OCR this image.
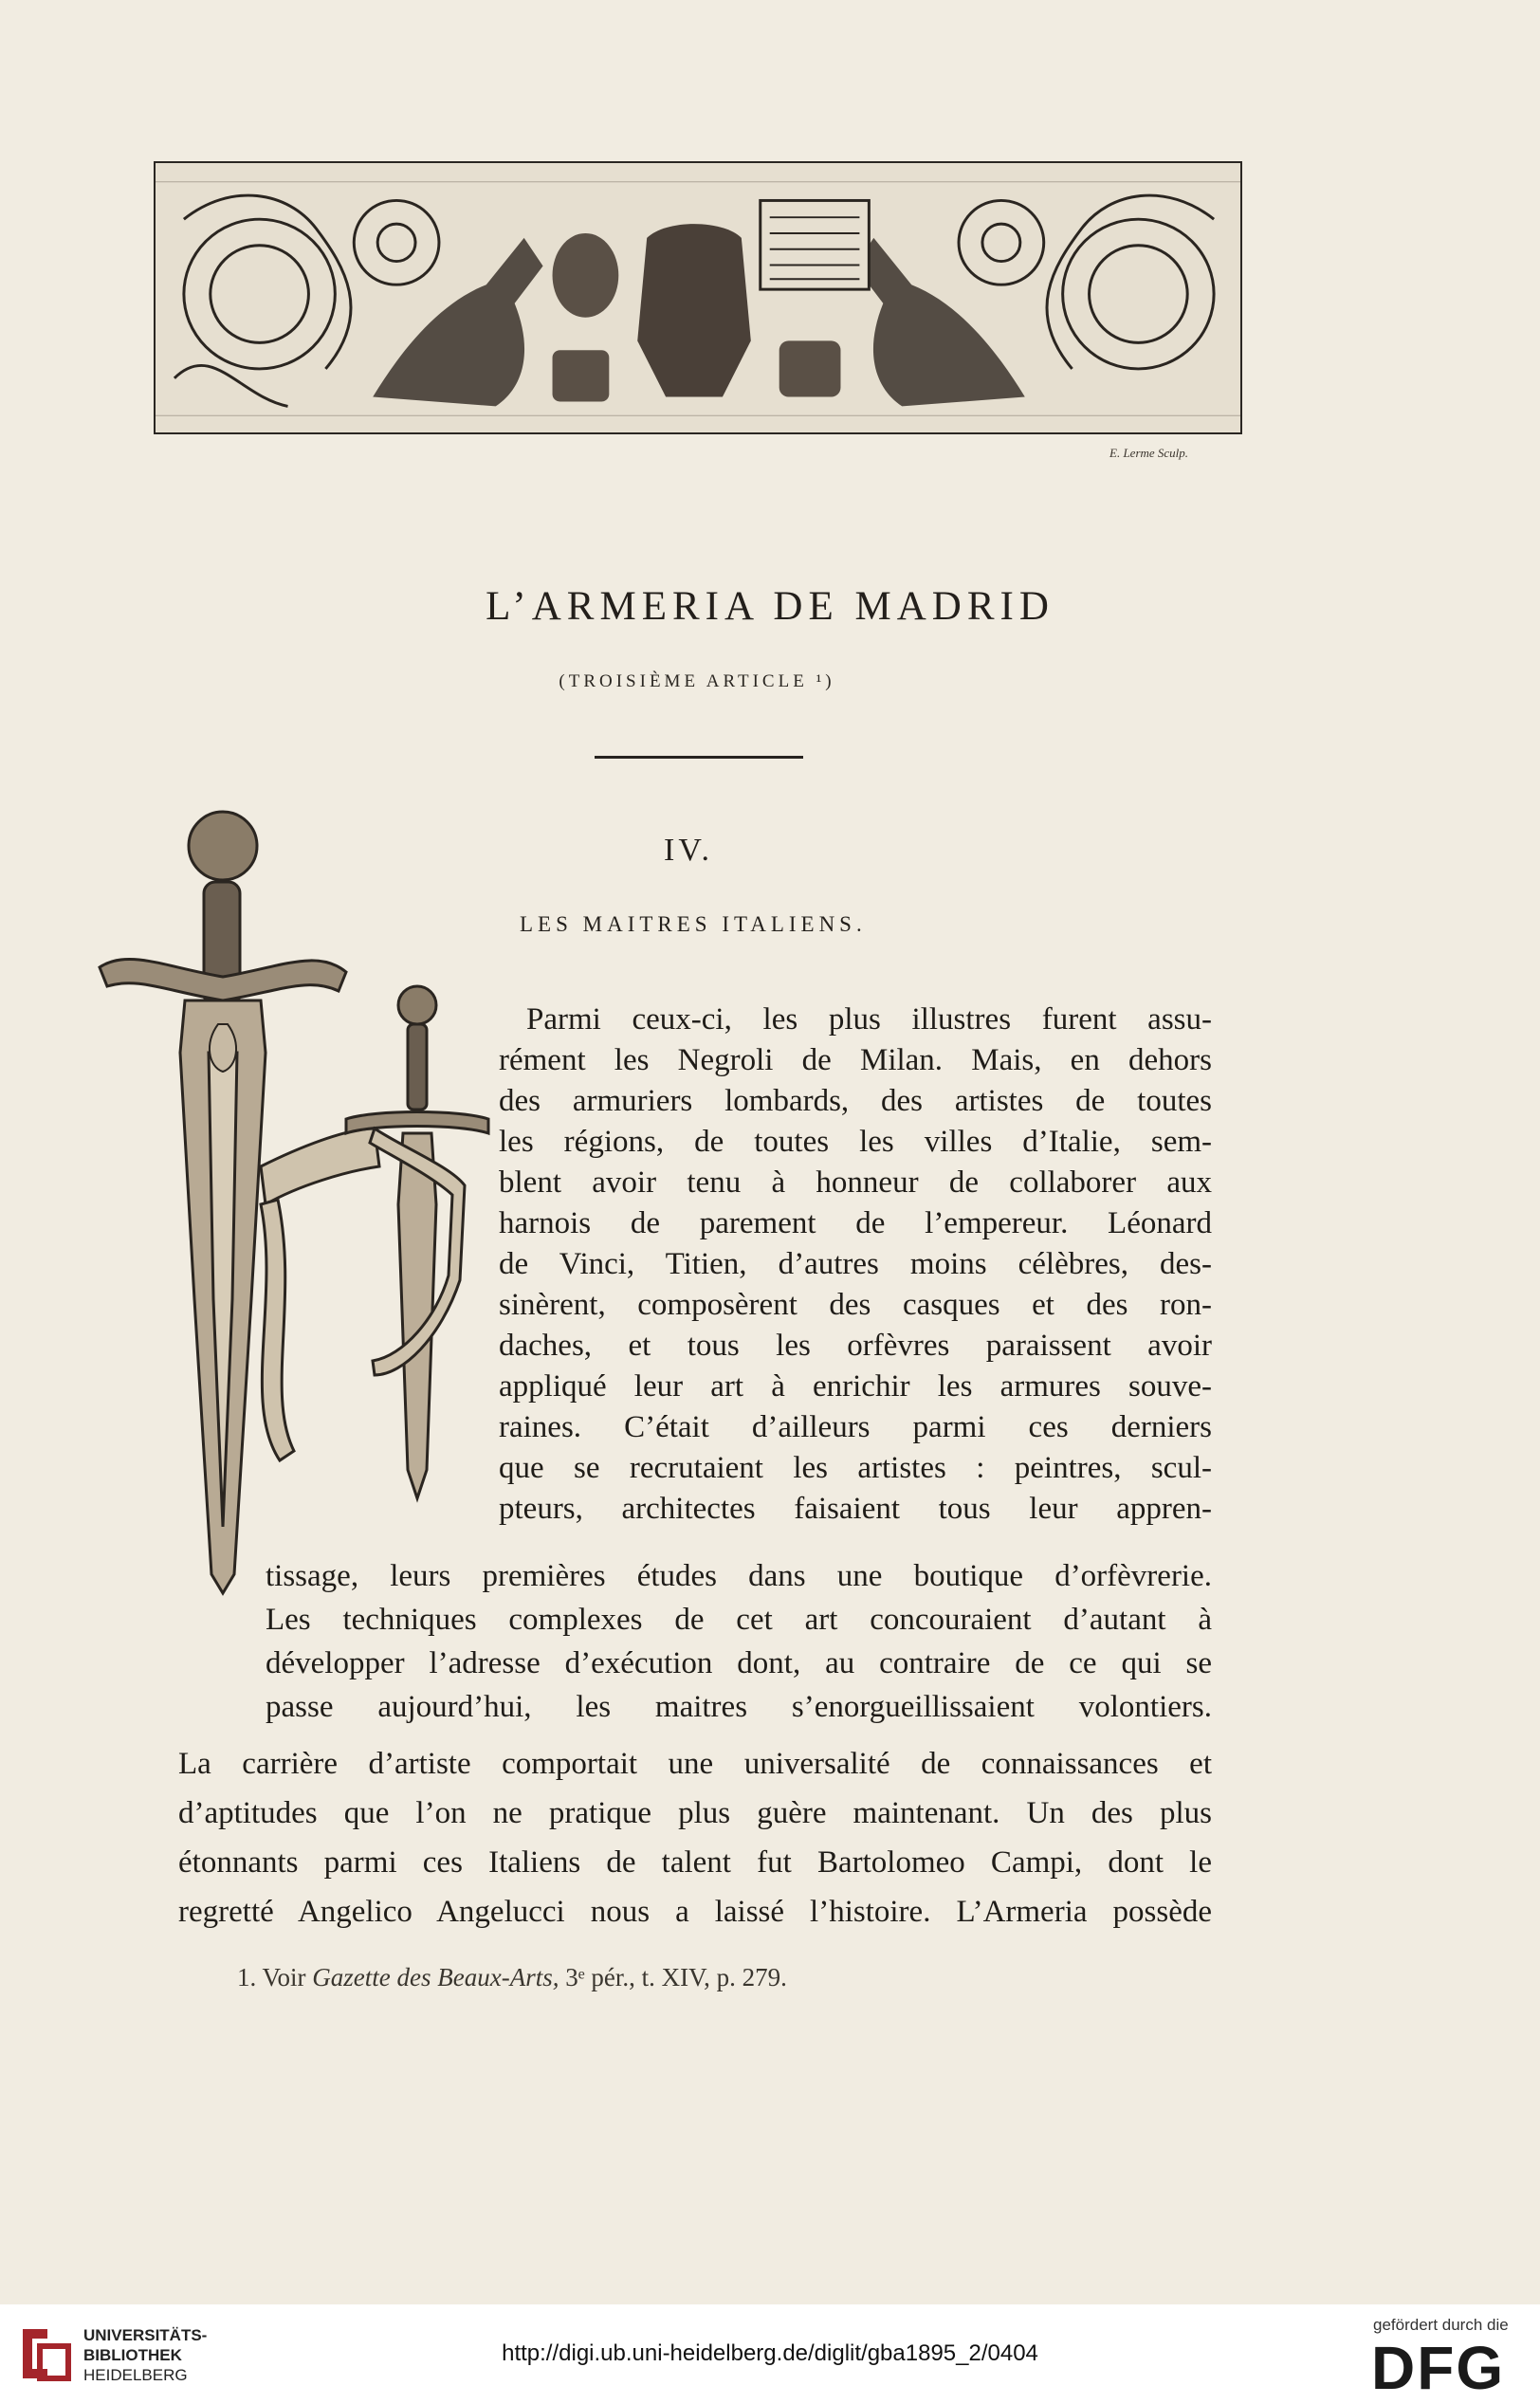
E. Lerme Sculp.
L’ARMERIA DE MADRID
(TROISIÈME ARTICLE ¹)
IV.
LES MAITRES ITALIENS.
Parmi ceux-ci, les plus illustres furent assu-
rément les Negroli de Milan. Mais, en dehors
des armuriers lombards, des artistes de toutes
les régions, de toutes les villes d’Italie, sem-
blent avoir tenu à honneur de collaborer aux
harnois de parement de l’empereur. Léonard
de Vinci, Titien, d’autres moins célèbres, des-
sinèrent, composèrent des casques et des ron-
daches, et tous les orfèvres paraissent avoir
appliqué leur art à enrichir les armures souve-
raines. C’était d’ailleurs parmi ces derniers
que se recrutaient les artistes : peintres, scul-
pteurs, architectes faisaient tous leur appren-
tissage, leurs premières études dans une boutique d’orfèvrerie.
Les techniques complexes de cet art concouraient d’autant à
développer l’adresse d’exécution dont, au contraire de ce qui se
passe aujourd’hui, les maitres s’enorgueillissaient volontiers.
La carrière d’artiste comportait une universalité de connaissances et
d’aptitudes que l’on ne pratique plus guère maintenant. Un des plus
étonnants parmi ces Italiens de talent fut Bartolomeo Campi, dont le
regretté Angelico Angelucci nous a laissé l’histoire. L’Armeria possède
1. Voir Gazette des Beaux-Arts, 3ᵉ pér., t. XIV, p. 279.
UNIVERSITÄTS-
BIBLIOTHEK
HEIDELBERG
http://digi.ub.uni-heidelberg.de/diglit/gba1895_2/0404
gefördert durch die
DFG
